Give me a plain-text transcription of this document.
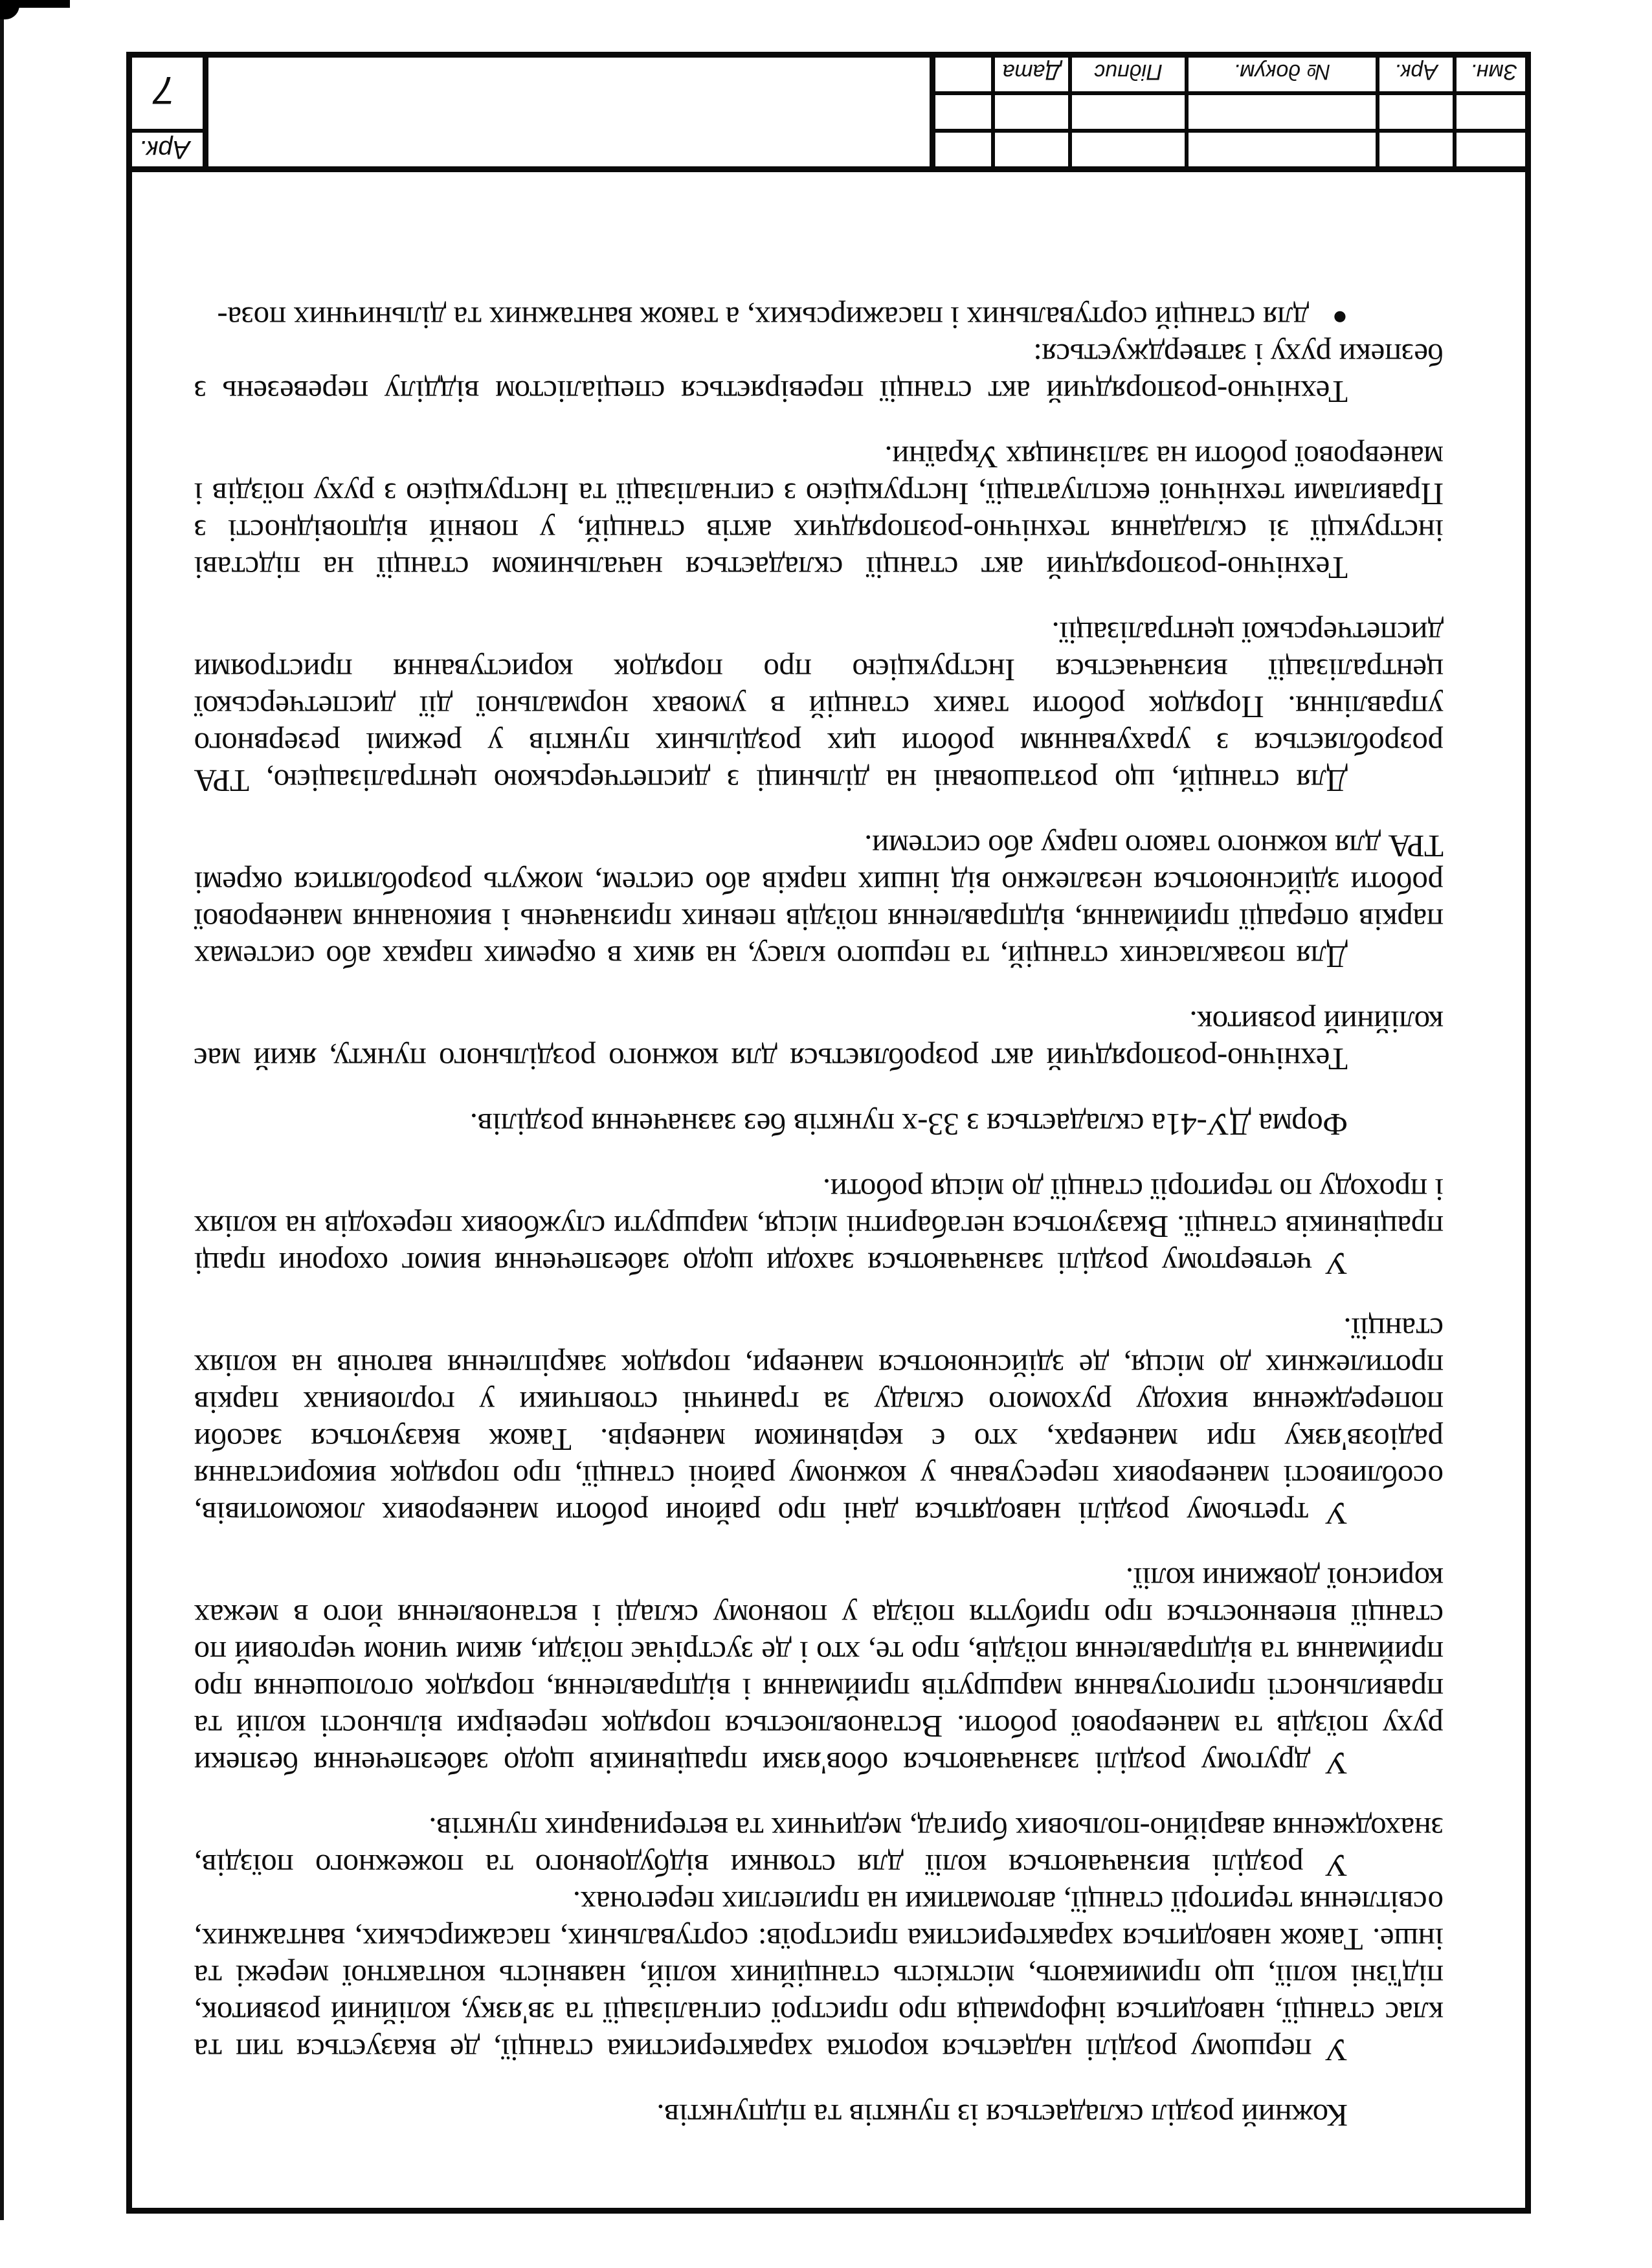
Кожний розділ складається із пунктів та підпунктів.

У першому розділі надається коротка характеристика станції, де вказується тип та клас станції, наводиться інформація про пристрої сигналізації та зв'язку, колійний розвиток, під'їзні колії, що примикають, місткість станційних колій, наявність контактної мережі та інше. Також наводиться характеристика пристроїв: сортувальних, пасажирських, вантажних, освітлення території станції, автоматики на прилеглих перегонах.

У розділі визначаються колії для стоянки відбудовного та пожежного поїздів, знаходження аварійно-польових бригад, медичних та ветеринарних пунктів.

У другому розділі зазначаються обов'язки працівників щодо забезпечення безпеки руху поїздів та маневрової роботи. Встановлюється порядок перевірки вільності колій та правильності приготування маршрутів приймання і відправлення, порядок оголошення про приймання та відправлення поїздів, про те, хто і де зустрічає поїзди, яким чином черговий по станції впевнюється про прибуття поїзда у повному складі і встановлення його в межах корисної довжини колії.

У третьому розділі наводяться дані про райони роботи маневрових локомотивів, особливості маневрових пересувань у кожному районі станції, про порядок використання радіозв'язку при маневрах, хто є керівником маневрів. Також вказуються засоби попередження виходу рухомого складу за граничні стовпчики у горловинах парків протилежних до місця, де здійснюються маневри, порядок закріплення вагонів на коліях станції.

У четвертому розділі зазначаються заходи щодо забезпечення вимог охорони праці працівників станції. Вказуються негабаритні місця, маршрути службових переходів на коліях і проходу по території станції до місця роботи.

Форма ДУ-41а складається з 33-х пунктів без зазначення розділів.

Технічно-розпорядчий акт розробляється для кожного роздільного пункту, який має колійний розвиток.

Для позакласних станцій, та першого класу, на яких в окремих парках або системах парків операції приймання, відправлення поїздів певних призначень і виконання маневрової роботи здійснюються незалежно від інших парків або систем, можуть розроблятися окремі ТРА для кожного такого парку або системи.

Для станцій, що розташовані на дільниці з диспетчерською централізацією, ТРА розробляється з урахуванням роботи цих роздільних пунктів у режимі резервного управління. Порядок роботи таких станцій в умовах нормальної дії диспетчерської централізації визначається Інструкцією про порядок користування пристроями диспетчерської централізації.

Технічно-розпорядчий акт станції складається начальником станції на підставі інструкції зі складання технічно-розпорядчих актів станцій, у повній відповідності з Правилами технічної експлуатації, Інструкцією з сигналізації та Інструкцією з руху поїздів і маневрової роботи на залізницях України.

Технічно-розпорядчий акт станції перевіряється спеціалістом відділу перевезень з безпеки руху і затверджується:

●
для станцій сортувальних і пасажирських, а також вантажних та дільничних поза-
Змн.
Арк.
№ докум.
Підпис
Дата
Арк.
7
